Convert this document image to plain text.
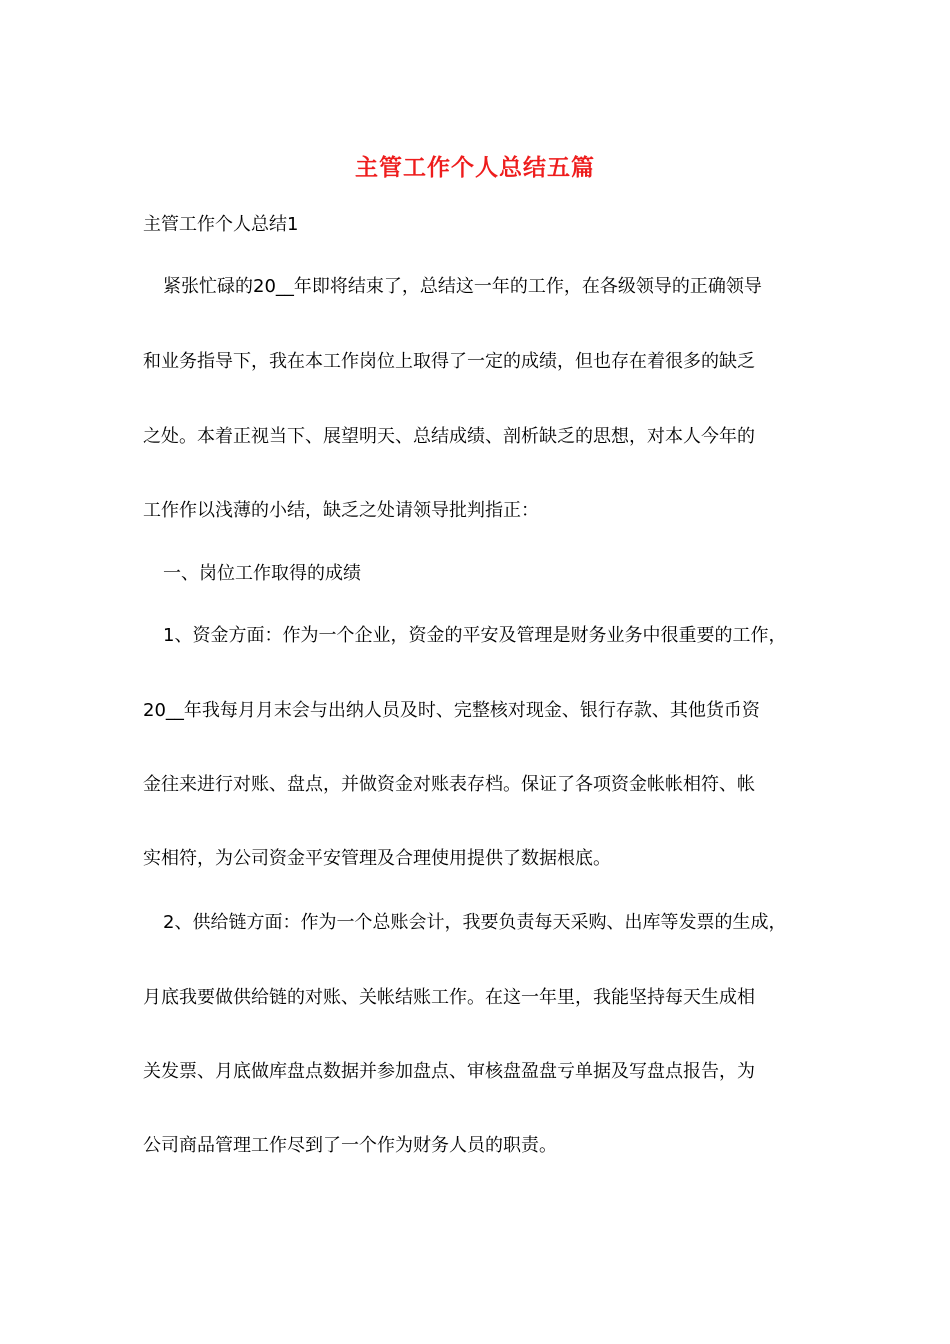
主管工作个人总结五篇
主管工作个人总结1
紧张忙碌的20__年即将结束了，总结这一年的工作，在各级领导的正确领导
和业务指导下，我在本工作岗位上取得了一定的成绩，但也存在着很多的缺乏
之处。本着正视当下、展望明天、总结成绩、剖析缺乏的思想，对本人今年的
工作作以浅薄的小结，缺乏之处请领导批判指正：
一、岗位工作取得的成绩
1、资金方面：作为一个企业，资金的平安及管理是财务业务中很重要的工作，
20__年我每月月末会与出纳人员及时、完整核对现金、银行存款、其他货币资
金往来进行对账、盘点，并做资金对账表存档。保证了各项资金帐帐相符、帐
实相符，为公司资金平安管理及合理使用提供了数据根底。
2、供给链方面：作为一个总账会计，我要负责每天采购、出库等发票的生成，
月底我要做供给链的对账、关帐结账工作。在这一年里，我能坚持每天生成相
关发票、月底做库盘点数据并参加盘点、审核盘盈盘亏单据及写盘点报告，为
公司商品管理工作尽到了一个作为财务人员的职责。
